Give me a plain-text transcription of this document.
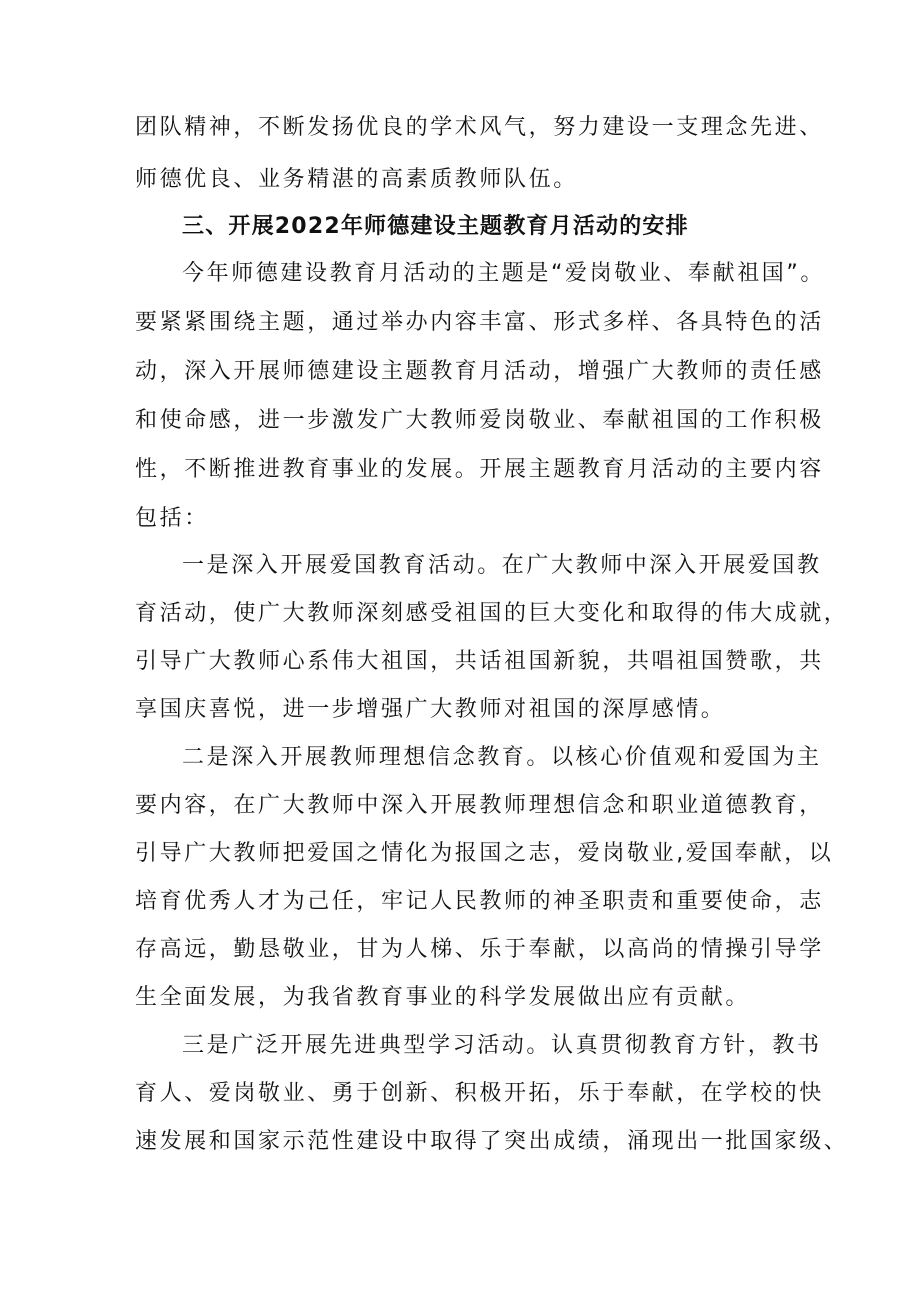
团队精神，不断发扬优良的学术风气，努力建设一支理念先进、
师德优良、业务精湛的高素质教师队伍。
三、开展2022年师德建设主题教育月活动的安排
今年师德建设教育月活动的主题是“爱岗敬业、奉献祖国”。
要紧紧围绕主题，通过举办内容丰富、形式多样、各具特色的活
动，深入开展师德建设主题教育月活动，增强广大教师的责任感
和使命感，进一步激发广大教师爱岗敬业、奉献祖国的工作积极
性，不断推进教育事业的发展。开展主题教育月活动的主要内容
包括：
一是深入开展爱国教育活动。在广大教师中深入开展爱国教
育活动，使广大教师深刻感受祖国的巨大变化和取得的伟大成就，
引导广大教师心系伟大祖国，共话祖国新貌，共唱祖国赞歌，共
享国庆喜悦，进一步增强广大教师对祖国的深厚感情。
二是深入开展教师理想信念教育。以核心价值观和爱国为主
要内容，在广大教师中深入开展教师理想信念和职业道德教育，
引导广大教师把爱国之情化为报国之志，爱岗敬业,爱国奉献，以
培育优秀人才为己任，牢记人民教师的神圣职责和重要使命，志
存高远，勤恳敬业，甘为人梯、乐于奉献，以高尚的情操引导学
生全面发展，为我省教育事业的科学发展做出应有贡献。
三是广泛开展先进典型学习活动。认真贯彻教育方针，教书
育人、爱岗敬业、勇于创新、积极开拓，乐于奉献，在学校的快
速发展和国家示范性建设中取得了突出成绩，涌现出一批国家级、
